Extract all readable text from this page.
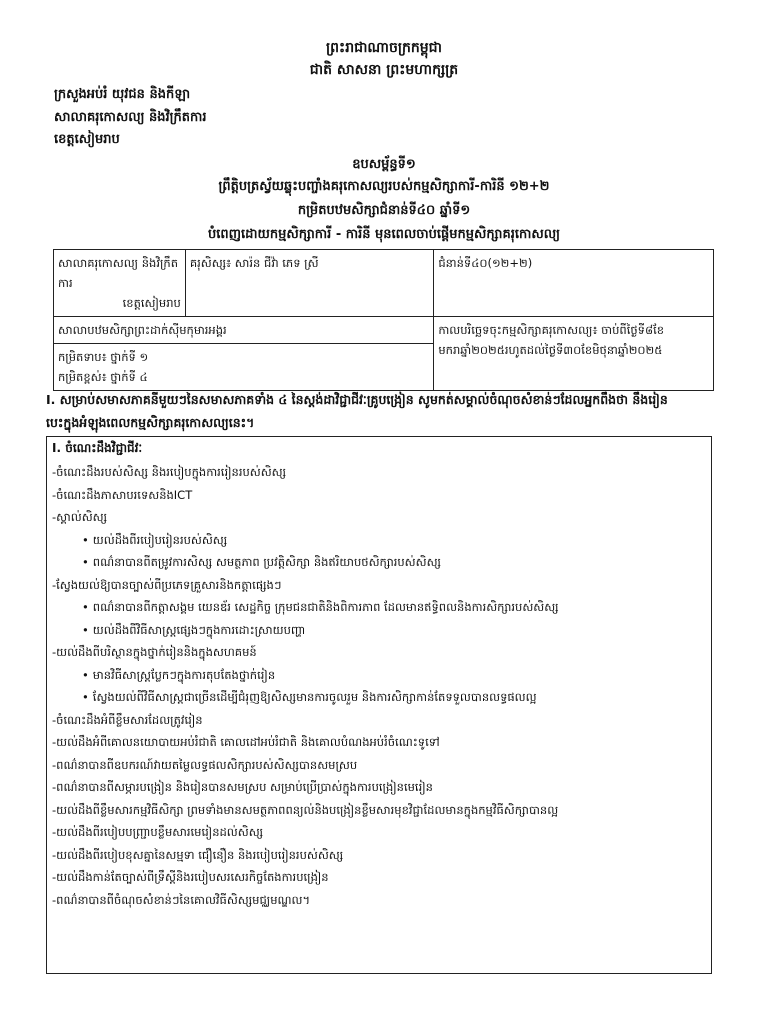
ព្រះរាជាណាចក្រកម្ពុជា
ជាតិ សាសនា ព្រះមហាក្សត្រ
ក្រសួងអប់រំ យុវជន និងកីឡា
សាលាគរុកោសល្យ និងវិក្រឹតការ
ខេត្តសៀមរាប
ឧបសម្ព័ន្ធទី១
ព្រឹត្តិបត្រស្វ័យឆ្លុះបញ្ចាំងគរុកោសល្យរបស់កម្មសិក្សាការី-ការិនី ១២+២
កម្រិតបឋមសិក្សាជំនាន់ទី៤០ ឆ្នាំទី១
បំពេញដោយកម្មសិក្សាការី - ការិនី មុនពេលចាប់ផ្តើមកម្មសិក្សាគរុកោសល្យ
សាលាគរុកោសល្យ និងវិក្រឹតការ
ខេត្តសៀមរាប	គរុសិស្ស៖ សារ៉ន ជីវ៉ា ភេទ ស្រី	ជំនាន់ទី៤០(១២+២)
សាលាបឋមសិក្សាព្រះដាក់ស៊ីមកុមារអង្គរ		កាលបរិច្ឆេទចុះកម្មសិក្សាគរុកោសល្យ៖ ចាប់ពីថ្ងៃទី៨ខែ
មករាឆ្នាំ២០២៥រហូតដល់ថ្ងៃទី៣០ខែមិថុនាឆ្នាំ២០២៥

កម្រិតទាប៖ ថ្នាក់ទី ១
កម្រិតខ្ពស់៖ ថ្នាក់ទី ៤		
I. សម្រាប់សមាសភាគនីមួយៗនៃសមាសភាគទាំង ៤ នៃស្តង់ដាវិជ្ជាជីវៈគ្រូបង្រៀន សូមកត់សម្គាល់ចំណុចសំខាន់ៗដែលអ្នកពឹងថា នឹងរៀន
បេះក្នុងអំឡុងពេលកម្មសិក្សាគរុកោសល្យនេះ។
I. ចំណេះដឹងវិជ្ជាជីវៈ
-ចំណេះដឹងរបស់សិស្ស និងរបៀបក្នុងការរៀនរបស់សិស្ស
-ចំណេះដឹងភាសាបរទេសនិងICT
-ស្គាល់សិស្ស
• យល់ដឹងពីរបៀបរៀនរបស់សិស្ស
• ពណ៌នាបានពីតម្រូវការសិស្ស សមត្ថភាព ប្រវត្តិសិក្សា និងឥរិយាបថសិក្សារបស់សិស្ស
-ស្វែងយល់ឱ្យបានច្បាស់ពីប្រភេទគ្រួសារនិងកត្តាផ្សេងៗ
• ពណ៌នាបានពីកត្តាសង្គម យេនឌ័រ សេដ្ឋកិច្ច ក្រុមជនជាតិនិងពិការភាព ដែលមានឥទ្ធិពលនិងការសិក្សារបស់សិស្ស
• យល់ដឹងពីវិធីសាស្រ្តផ្សេងៗក្នុងការដោះស្រាយបញ្ហា
-យល់ដឹងពីបរិស្ថានក្នុងថ្នាក់រៀននិងក្នុងសហគមន៍
• មានវិធីសាស្រ្តប្លែកៗក្នុងការតុបតែងថ្នាក់រៀន
• ស្វែងយល់ពីវិធីសាស្រ្តជាច្រើនដើម្បីជំរុញឱ្យសិស្សមានការចូលរួម និងការសិក្សាកាន់តែទទួលបានលទ្ធផលល្អ
-ចំណេះដឹងអំពីខ្លឹមសារដែលត្រូវរៀន
-យល់ដឹងអំពីគោលនយោបាយអប់រំជាតិ គោលដៅអប់រំជាតិ និងគោលបំណងអប់រំចំណេះទូទៅ
-ពណ៌នាបានពីឧបករណ៍វាយតម្លៃលទ្ធផលសិក្សារបស់សិស្សបានសមស្រប
-ពណ៌នាបានពីសម្ភារបង្រៀន និងរៀនបានសមស្រប សម្រាប់ប្រើប្រាស់ក្នុងការបង្រៀនមេរៀន
-យល់ដឹងពីខ្លឹមសារកម្មវិធីសិក្សា ព្រមទាំងមានសមត្ថភាពពន្យល់និងបង្រៀនខ្លឹមសារមុខវិជ្ជាដែលមានក្នុងកម្មវិធីសិក្សាបានល្អ
-យល់ដឹងពីរបៀបបញ្ជ្រាបខ្លឹមសារមេរៀនដល់សិស្ស
-យល់ដឹងពីរបៀបខុសគ្នានៃសម្មទា ជឿនឿន និងរបៀបរៀនរបស់សិស្ស
-យល់ដឹងកាន់តែច្បាស់ពីទ្រឹស្តីនិងរបៀបសរសេរកិច្ចតែងការបង្រៀន
-ពណ៌នាបានពីចំណុចសំខាន់ៗនៃគោលវិធីសិស្សមជ្ឈមណ្ឌល។
